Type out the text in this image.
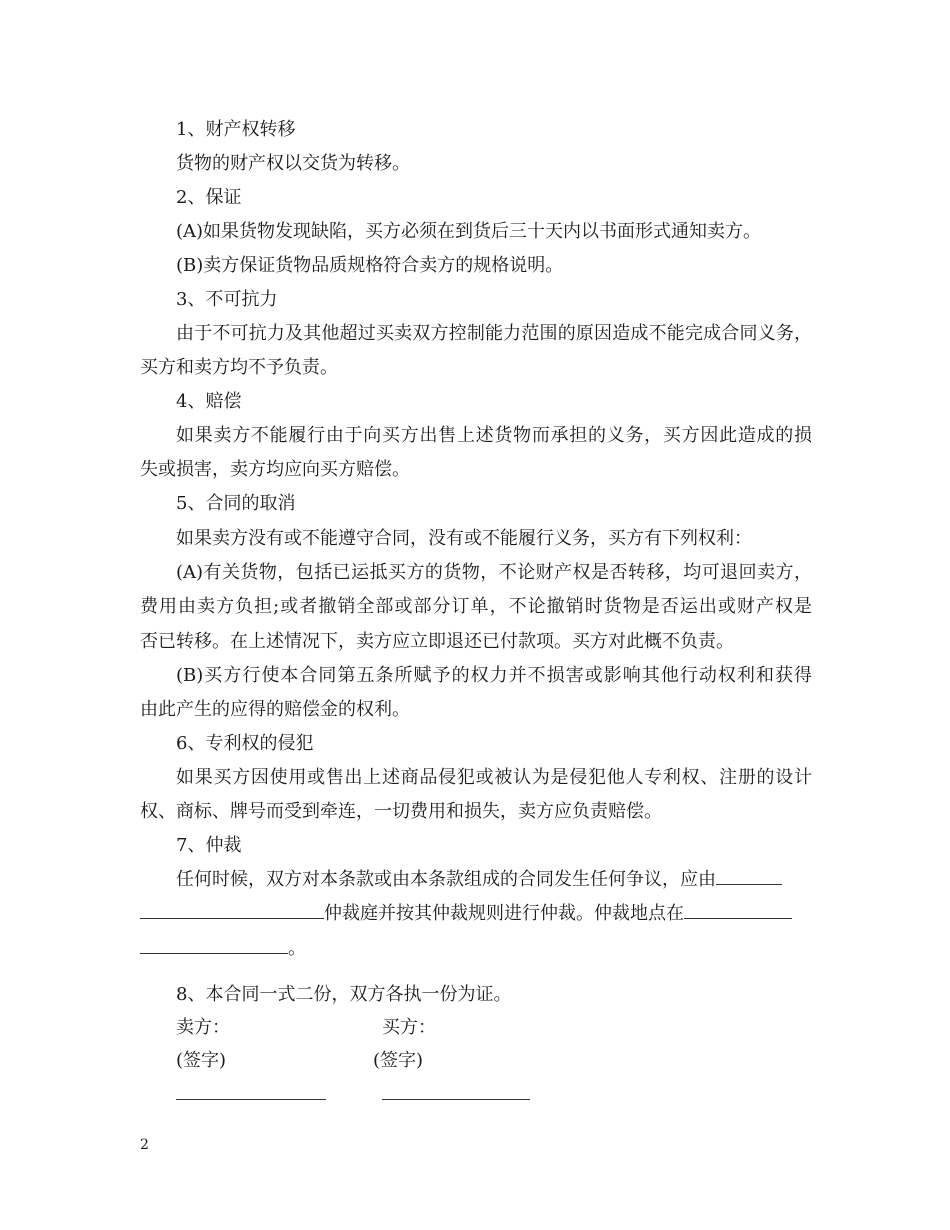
1、财产权转移
货物的财产权以交货为转移。
2、保证
(A)如果货物发现缺陷，买方必须在到货后三十天内以书面形式通知卖方。
(B)卖方保证货物品质规格符合卖方的规格说明。
3、不可抗力
由于不可抗力及其他超过买卖双方控制能力范围的原因造成不能完成合同义务，
买方和卖方均不予负责。
4、赔偿
如果卖方不能履行由于向买方出售上述货物而承担的义务，买方因此造成的损
失或损害，卖方均应向买方赔偿。
5、合同的取消
如果卖方没有或不能遵守合同，没有或不能履行义务，买方有下列权利：
(A)有关货物，包括已运抵买方的货物，不论财产权是否转移，均可退回卖方，
费用由卖方负担;或者撤销全部或部分订单，不论撤销时货物是否运出或财产权是
否已转移。在上述情况下，卖方应立即退还已付款项。买方对此概不负责。
(B)买方行使本合同第五条所赋予的权力并不损害或影响其他行动权利和获得
由此产生的应得的赔偿金的权利。
6、专利权的侵犯
如果买方因使用或售出上述商品侵犯或被认为是侵犯他人专利权、注册的设计
权、商标、牌号而受到牵连，一切费用和损失，卖方应负责赔偿。
7、仲裁
任何时候，双方对本条款或由本条款组成的合同发生任何争议，应由
仲裁庭并按其仲裁规则进行仲裁。仲裁地点在
。
8、本合同一式二份，双方各执一份为证。
卖方：	买方：
(签字)	(签字)
2
